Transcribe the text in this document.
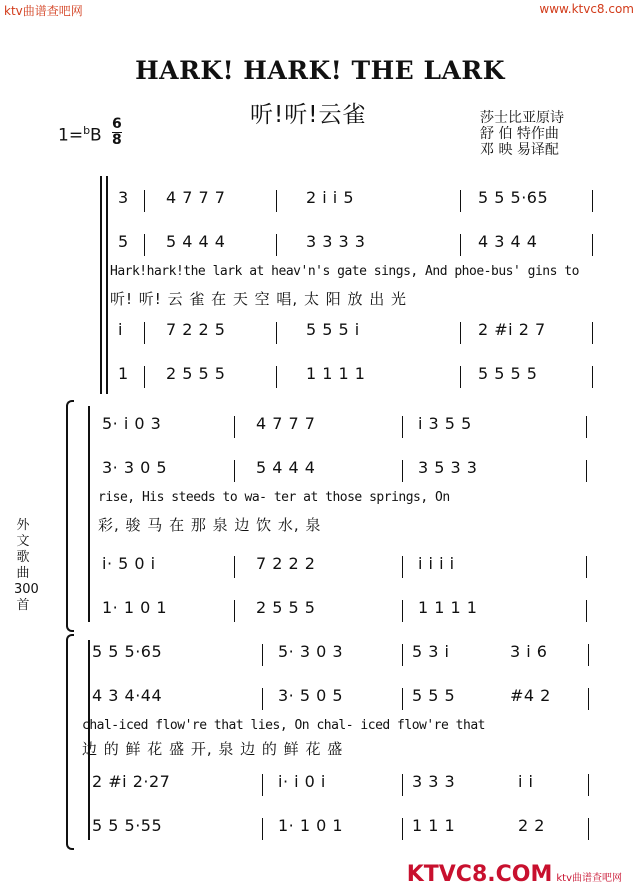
ktv曲谱查吧网	www.ktvc8.com
HARK! HARK! THE LARK
听!听!云雀	莎士比亚原诗
舒 伯 特作曲
邓 映 易译配
1=$^b$B
6
8
3 4 7 7 7	2 i i 5	5 5 5·65
5 5 4 4 4	3 3 3 3	4 3 4 4
Hark!hark!the lark at heav'n's gate sings, And phoe-bus' gins to
听! 听! 云 雀 在 天 空 唱, 太 阳 放 出 光
i	7 2 2 5	5 5 5 i	2 #i 2 7
1 2 5 5 5	1 1 1 1	5 5 5 5
5· i 0 3	4 7 7 7	i 3 5 5
3· 3 0 5	5 4 4 4	3 5 3 3
rise, His steeds to wa- ter at those springs, On
彩, 骏 马 在 那 泉 边 饮 水, 泉
i· 5 0 i	7 2 2 2	i i i i
1· 1 0 1	2 5 5 5	1 1 1 1
外文歌曲300首
5 5 5·65	5· 3 0 3	5 3 i	3 i 6
4 3 4·44	3· 5 0 5	5 5 5	#4 2
chal-iced flow're that lies, On chal- iced flow're that
边 的 鲜 花 盛 开, 泉 边 的 鲜 花 盛
2 #i 2·27	i· i 0 i	3 3 3	i i
5 5 5·55	1· 1 0 1	1 1 1	2 2
KTVC8.COM ktv曲谱查吧网
